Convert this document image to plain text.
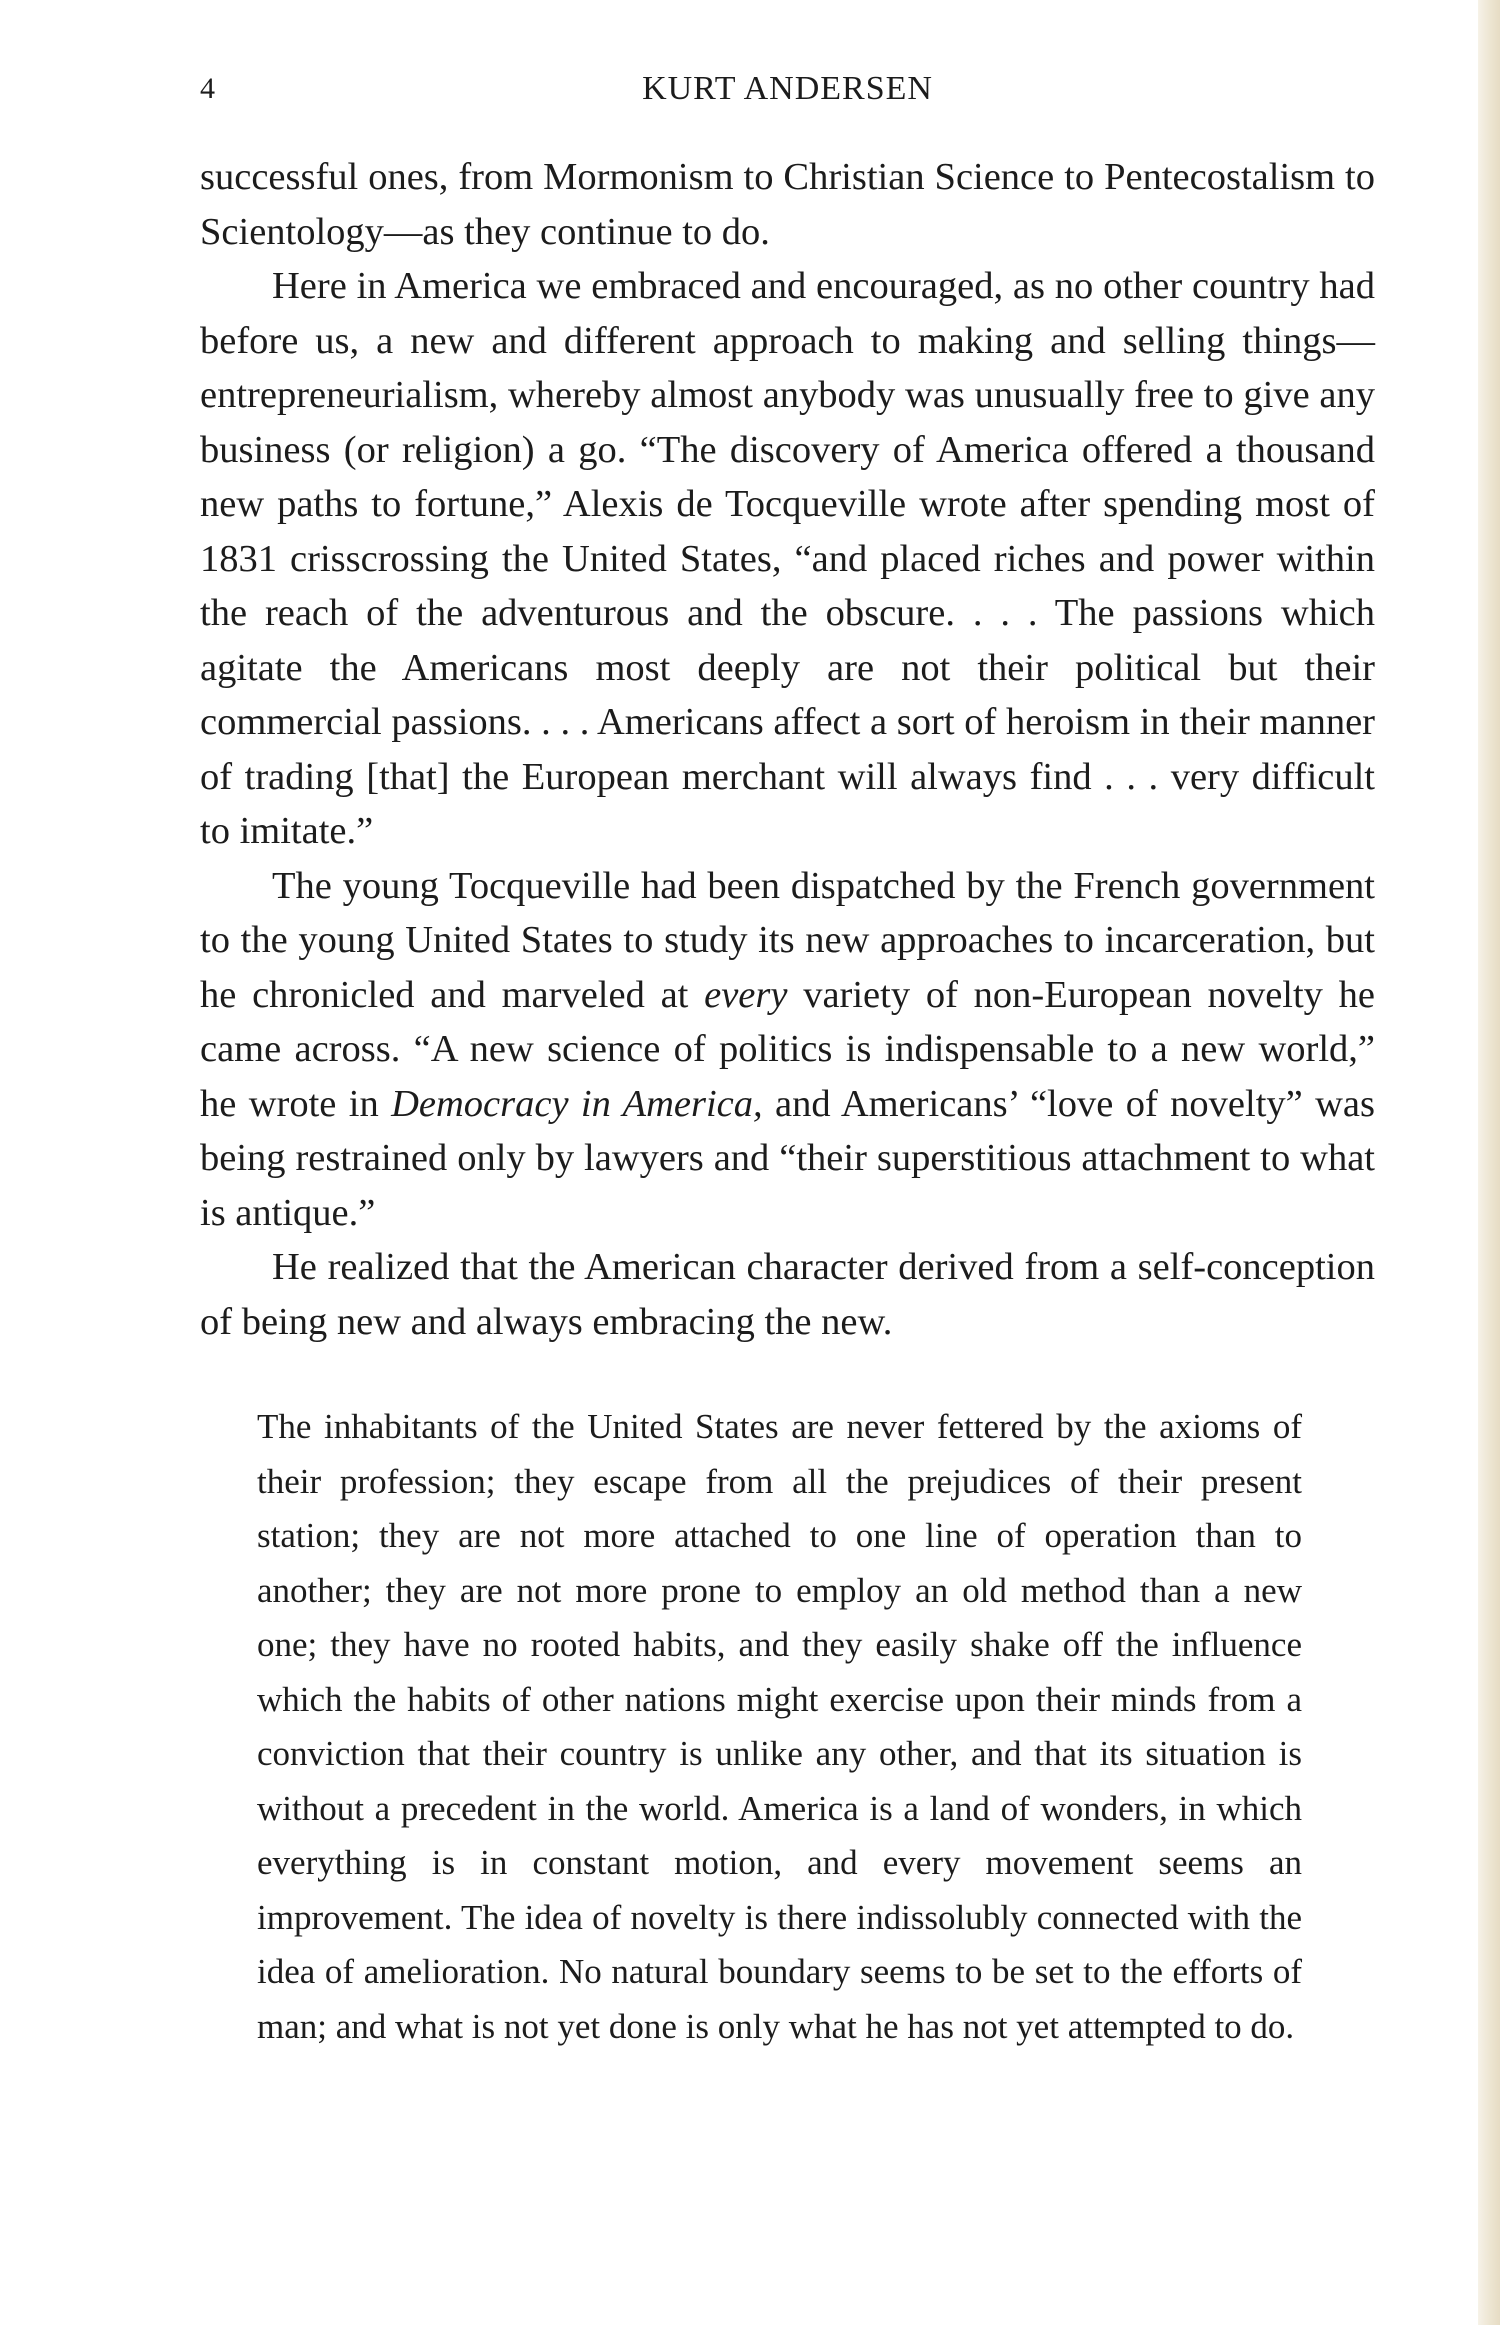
4	KURT ANDERSEN

successful ones, from Mormonism to Christian Science to Pentecostalism to Scientology—as they continue to do.

Here in America we embraced and encouraged, as no other country had before us, a new and different approach to making and selling things—entrepreneurialism, whereby almost anybody was unusually free to give any business (or religion) a go. “The discovery of America offered a thousand new paths to fortune,” Alexis de Tocqueville wrote after spending most of 1831 crisscrossing the United States, “and placed riches and power within the reach of the adventurous and the obscure. . . . The passions which agitate the Americans most deeply are not their political but their commercial passions. . . . Americans affect a sort of heroism in their manner of trading [that] the European merchant will always find . . . very difficult to imitate.”

The young Tocqueville had been dispatched by the French government to the young United States to study its new approaches to incarceration, but he chronicled and marveled at every variety of non-European novelty he came across. “A new science of politics is indispensable to a new world,” he wrote in Democracy in America, and Americans’ “love of novelty” was being restrained only by lawyers and “their superstitious attachment to what is antique.”

He realized that the American character derived from a self-conception of being new and always embracing the new.

The inhabitants of the United States are never fettered by the axioms of their profession; they escape from all the prejudices of their present station; they are not more attached to one line of operation than to another; they are not more prone to employ an old method than a new one; they have no rooted habits, and they easily shake off the influence which the habits of other nations might exercise upon their minds from a conviction that their country is unlike any other, and that its situation is without a precedent in the world. America is a land of wonders, in which everything is in constant motion, and every movement seems an improvement. The idea of novelty is there indissolubly connected with the idea of amelioration. No natural boundary seems to be set to the efforts of man; and what is not yet done is only what he has not yet attempted to do.
